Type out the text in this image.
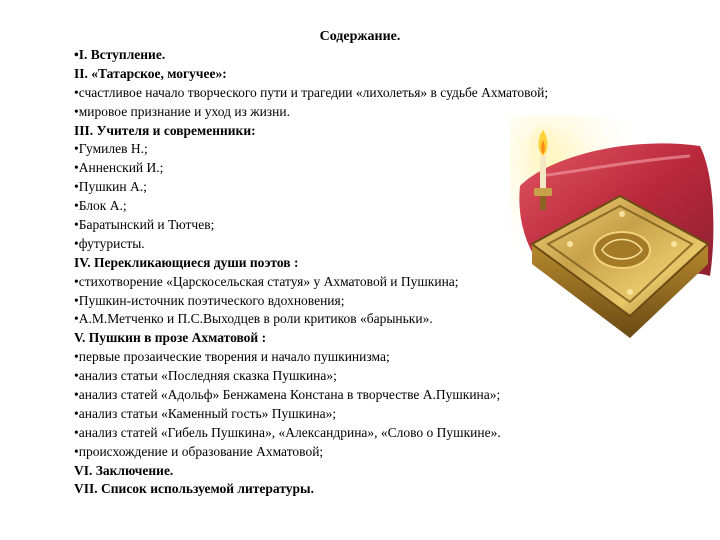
Содержание.
•I. Вступление.
II. «Татарское, могучее»:
•счастливое начало творческого пути и трагедии «лихолетья» в судьбе Ахматовой;
•мировое признание и уход из жизни.
III. Учителя и современники:
•Гумилев Н.;
•Анненский И.;
•Пушкин А.;
•Блок А.;
•Баратынский и Тютчев;
•футуристы.
IV. Перекликающиеся души поэтов :
•стихотворение «Царскосельская статуя» у Ахматовой и Пушкина;
•Пушкин-источник поэтического вдохновения;
•А.М.Метченко и П.С.Выходцев в роли критиков «барыньки».
V. Пушкин в прозе Ахматовой :
•первые прозаические творения и начало пушкинизма;
•анализ статьи «Последняя сказка Пушкина»;
•анализ статей «Адольф» Бенжамена Констана в творчестве А.Пушкина»;
•анализ статьи «Каменный гость» Пушкина»;
•анализ статей «Гибель Пушкина», «Александрина», «Слово о Пушкине».
•происхождение и образование Ахматовой;
VI. Заключение.
VII. Список используемой литературы.
